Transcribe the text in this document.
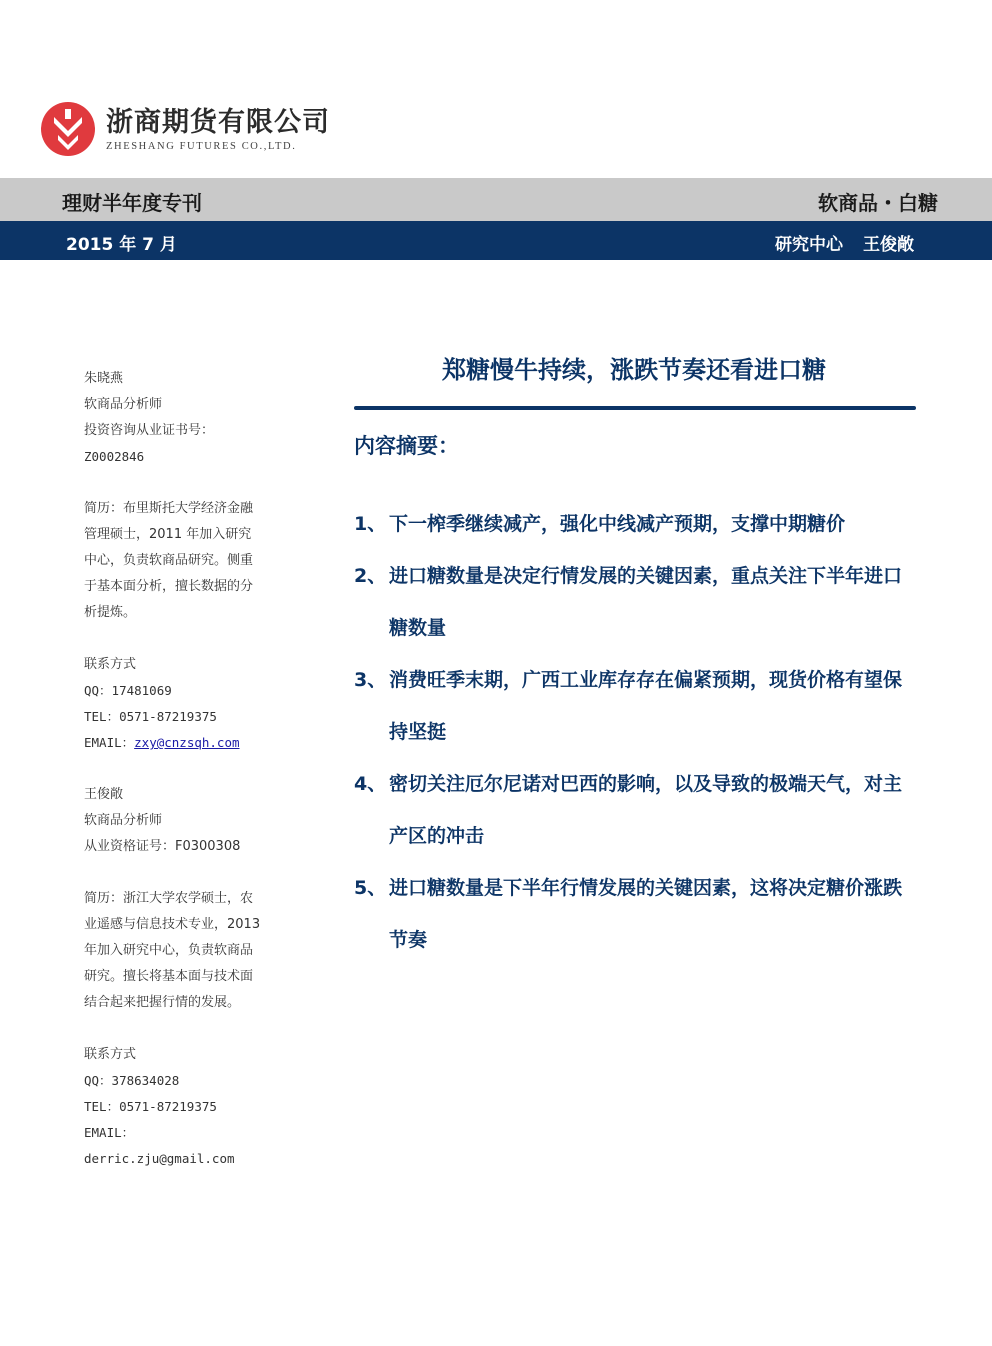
浙商期货有限公司
ZHESHANG FUTURES CO.,LTD.
理财半年度专刊	软商品・白糖
2015 年 7 月	研究中心 王俊敞
朱晓燕
软商品分析师
投资咨询从业证书号：
Z0002846
简历：布里斯托大学经济金融
管理硕士，2011 年加入研究
中心，负责软商品研究。侧重
于基本面分析，擅长数据的分
析提炼。
联系方式
QQ：17481069
TEL：0571-87219375
EMAIL：zxy@cnzsqh.com
王俊敞
软商品分析师
从业资格证号：F0300308
简历：浙江大学农学硕士，农
业遥感与信息技术专业，2013
年加入研究中心，负责软商品
研究。擅长将基本面与技术面
结合起来把握行情的发展。
联系方式
QQ：378634028
TEL：0571-87219375
EMAIL：
derric.zju@gmail.com
郑糖慢牛持续，涨跌节奏还看进口糖
内容摘要：
1、 下一榨季继续减产，强化中线减产预期，支撑中期糖价
2、 进口糖数量是决定行情发展的关键因素，重点关注下半年进口糖数量
3、 消费旺季末期，广西工业库存存在偏紧预期，现货价格有望保持坚挺
4、 密切关注厄尔尼诺对巴西的影响，以及导致的极端天气，对主产区的冲击
5、 进口糖数量是下半年行情发展的关键因素，这将决定糖价涨跌节奏
